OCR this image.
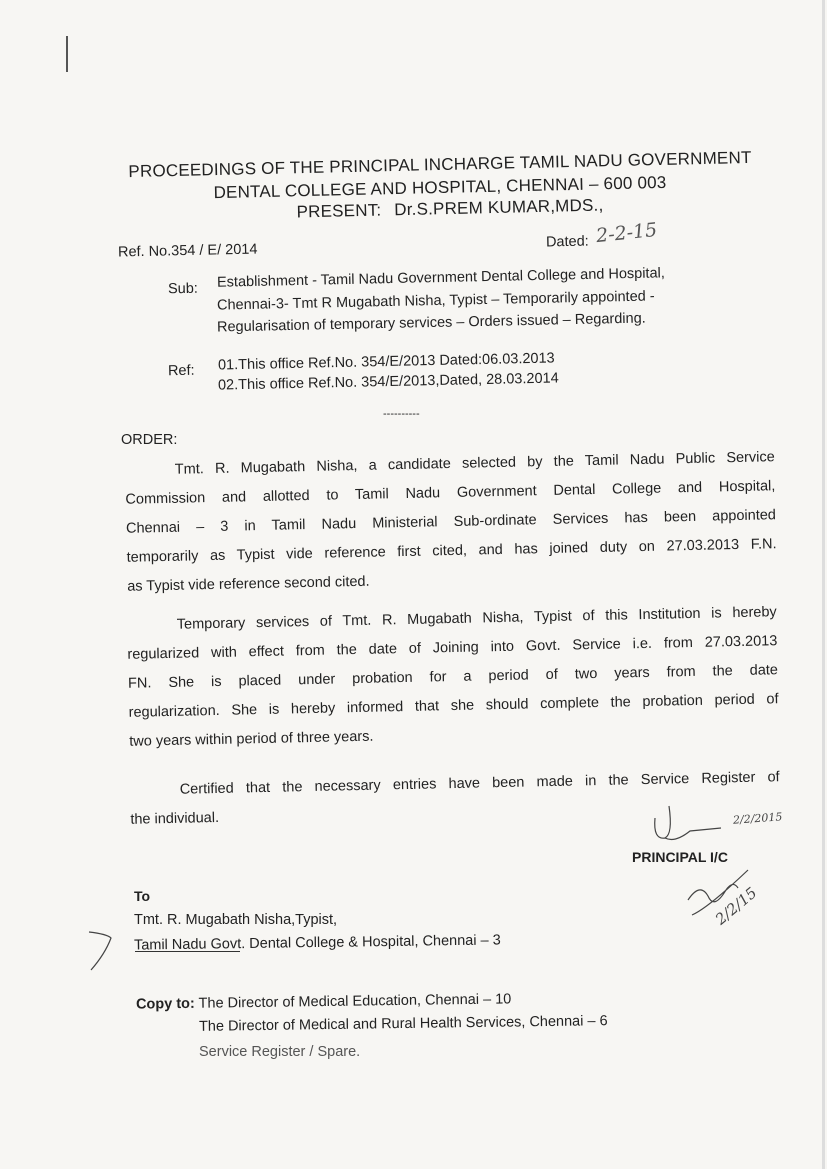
PROCEEDINGS OF THE PRINCIPAL INCHARGE TAMIL NADU GOVERNMENT
DENTAL COLLEGE AND HOSPITAL, CHENNAI – 600 003
PRESENT: Dr.S.PREM KUMAR,MDS.,
Ref. No.354 / E/ 2014	Dated: 2-2-15
Sub: Establishment - Tamil Nadu Government Dental College and Hospital,
Chennai-3- Tmt R Mugabath Nisha, Typist – Temporarily appointed -
Regularisation of temporary services – Orders issued – Regarding.
Ref: 01.This office Ref.No. 354/E/2013 Dated:06.03.2013
02.This office Ref.No. 354/E/2013,Dated, 28.03.2014
----------
ORDER:
Tmt. R. Mugabath Nisha, a candidate selected by the Tamil Nadu Public Service
Commission and allotted to Tamil Nadu Government Dental College and Hospital,
Chennai – 3 in Tamil Nadu Ministerial Sub-ordinate Services has been appointed
temporarily as Typist vide reference first cited, and has joined duty on 27.03.2013 F.N.
as Typist vide reference second cited.
Temporary services of Tmt. R. Mugabath Nisha, Typist of this Institution is hereby
regularized with effect from the date of Joining into Govt. Service i.e. from 27.03.2013
FN. She is placed under probation for a period of two years from the date
regularization. She is hereby informed that she should complete the probation period of
two years within period of three years.
Certified that the necessary entries have been made in the Service Register of
the individual.	2/2/2015
PRINCIPAL I/C
2/2/15
To
Tmt. R. Mugabath Nisha,Typist,
Tamil Nadu Govt. Dental College & Hospital, Chennai – 3
Copy to: The Director of Medical Education, Chennai – 10
The Director of Medical and Rural Health Services, Chennai – 6
Service Register / Spare.
